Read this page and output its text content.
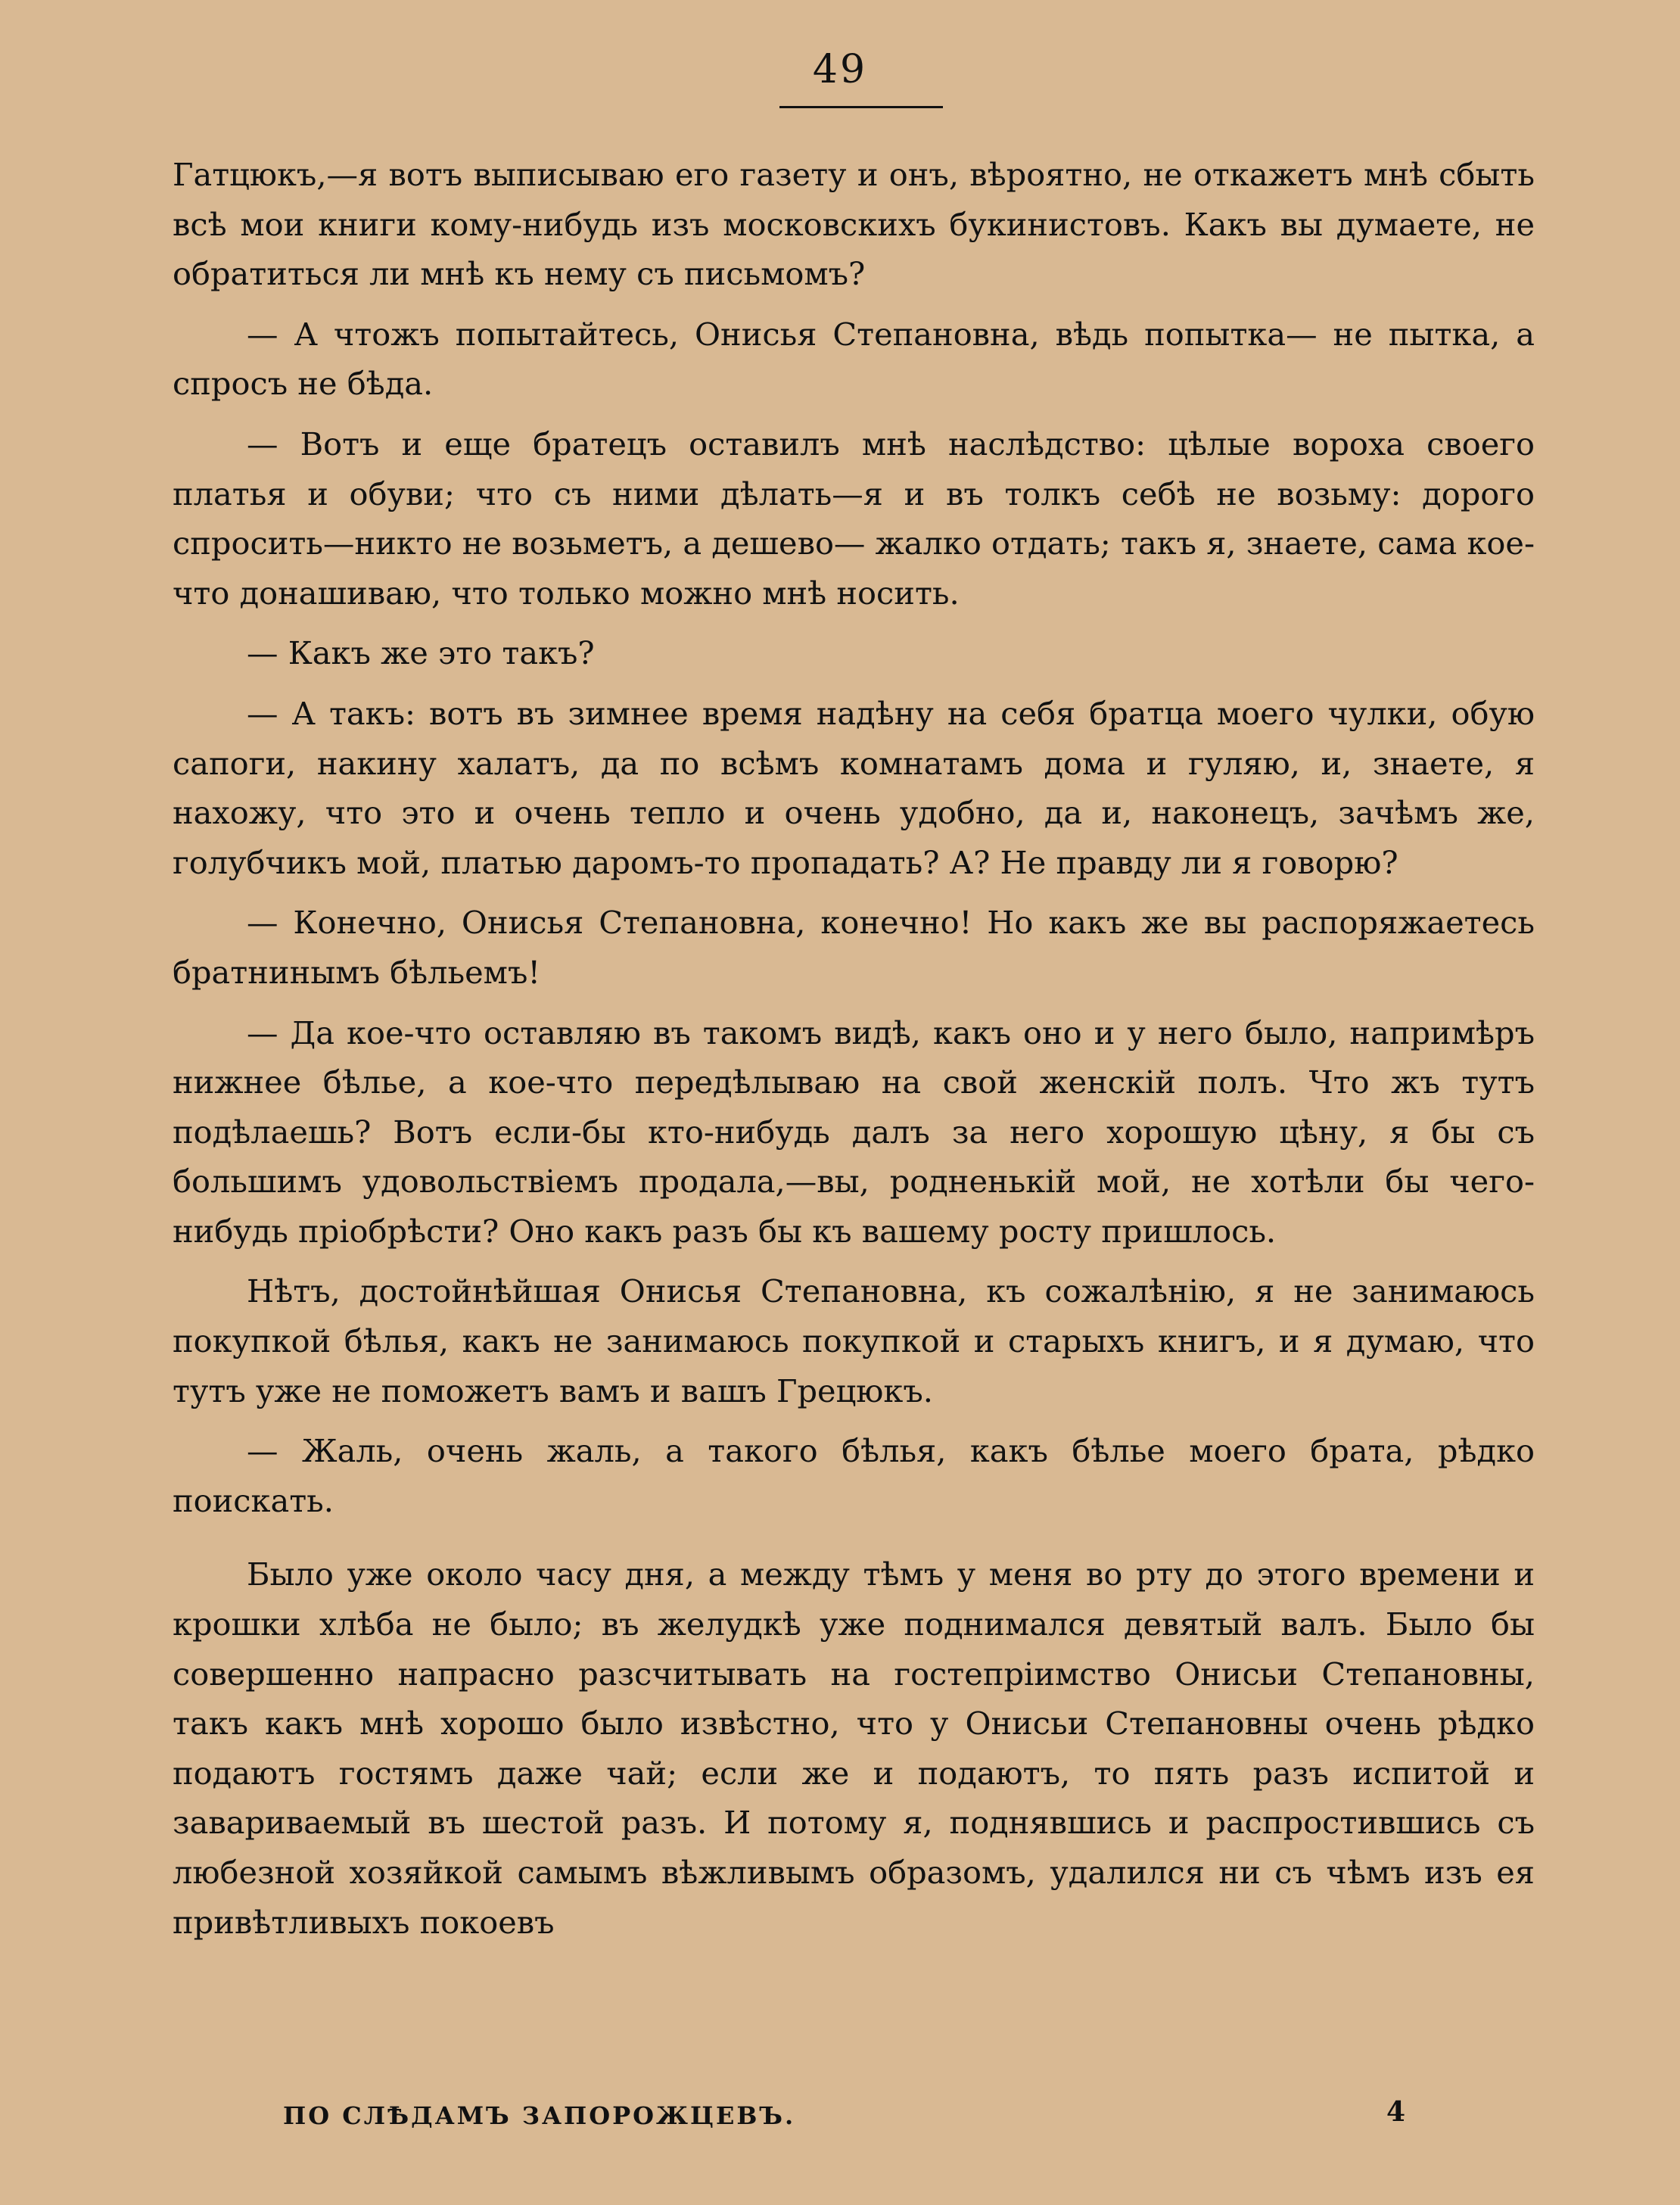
49

Гатцюкъ,—я вотъ выписываю его газету и онъ, вѣроятно, не откажетъ мнѣ сбыть всѣ мои книги кому-нибудь изъ московскихъ букинистовъ. Какъ вы думаете, не обратиться ли мнѣ къ нему съ письмомъ?

— А чтожъ попытайтесь, Онисья Степановна, вѣдь попытка— не пытка, а спросъ не бѣда.

— Вотъ и еще братецъ оставилъ мнѣ наслѣдство: цѣлые вороха своего платья и обуви; что съ ними дѣлать—я и въ толкъ себѣ не возьму: дорого спросить—никто не возьметъ, а дешево— жалко отдать; такъ я, знаете, сама кое-что донашиваю, что только можно мнѣ носить.

— Какъ же это такъ?

— А такъ: вотъ въ зимнее время надѣну на себя братца моего чулки, обую сапоги, накину халатъ, да по всѣмъ комнатамъ дома и гуляю, и, знаете, я нахожу, что это и очень тепло и очень удобно, да и, наконецъ, зачѣмъ же, голубчикъ мой, платью даромъ-то пропадать? А? Не правду ли я говорю?

— Конечно, Онисья Степановна, конечно! Но какъ же вы распоряжаетесь братнинымъ бѣльемъ!

— Да кое-что оставляю въ такомъ видѣ, какъ оно и у него было, напримѣръ нижнее бѣлье, а кое-что передѣлываю на свой женскій полъ. Что жъ тутъ подѣлаешь? Вотъ если-бы кто-нибудь далъ за него хорошую цѣну, я бы съ большимъ удовольствіемъ продала,—вы, родненькій мой, не хотѣли бы чего-нибудь пріобрѣсти? Оно какъ разъ бы къ вашему росту пришлось.

Нѣтъ, достойнѣйшая Онисья Степановна, къ сожалѣнію, я не занимаюсь покупкой бѣлья, какъ не занимаюсь покупкой и старыхъ книгъ, и я думаю, что тутъ уже не поможетъ вамъ и вашъ Грецюкъ.

— Жаль, очень жаль, а такого бѣлья, какъ бѣлье моего брата, рѣдко поискать.

Было уже около часу дня, а между тѣмъ у меня во рту до этого времени и крошки хлѣба не было; въ желудкѣ уже поднимался девятый валъ. Было бы совершенно напрасно разсчитывать на гостепріимство Онисьи Степановны, такъ какъ мнѣ хорошо было извѣстно, что у Онисьи Степановны очень рѣдко подаютъ гостямъ даже чай; если же и подаютъ, то пять разъ испитой и завариваемый въ шестой разъ. И потому я, поднявшись и распростившись съ любезной хозяйкой самымъ вѣжливымъ образомъ, удалился ни съ чѣмъ изъ ея привѣтливыхъ покоевъ

ПО СЛѢДАМЪ ЗАПОРОЖЦЕВЪ.	4
